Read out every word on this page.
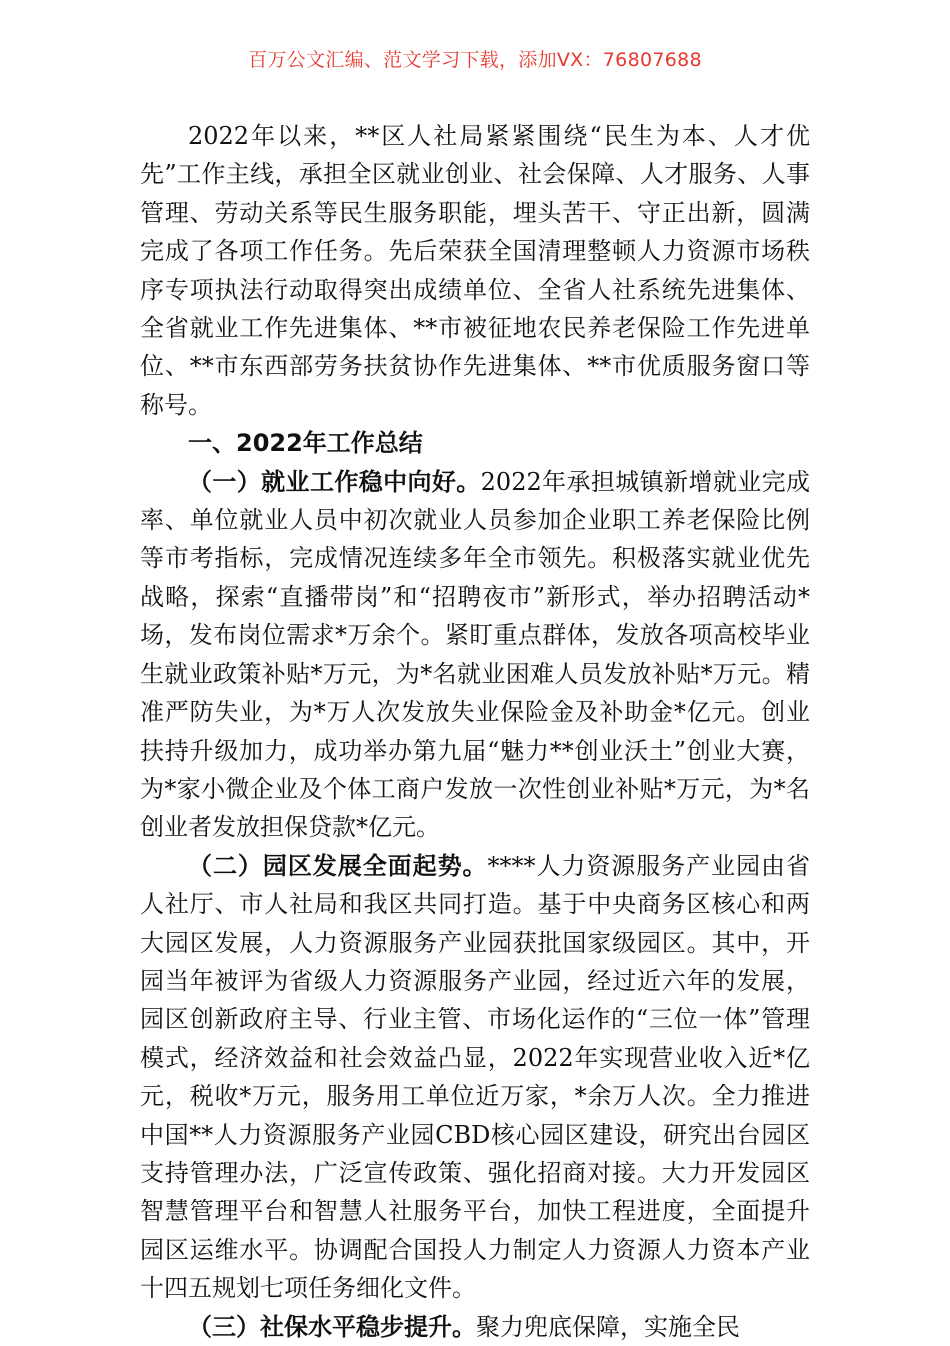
百万公文汇编、范文学习下载，添加VX：76807688

2022年以来，**区人社局紧紧围绕“民生为本、人才优先”工作主线，承担全区就业创业、社会保障、人才服务、人事管理、劳动关系等民生服务职能，埋头苦干、守正出新，圆满完成了各项工作任务。先后荣获全国清理整顿人力资源市场秩序专项执法行动取得突出成绩单位、全省人社系统先进集体、全省就业工作先进集体、**市被征地农民养老保险工作先进单位、**市东西部劳务扶贫协作先进集体、**市优质服务窗口等称号。

一、2022年工作总结

（一）就业工作稳中向好。2022年承担城镇新增就业完成率、单位就业人员中初次就业人员参加企业职工养老保险比例等市考指标，完成情况连续多年全市领先。积极落实就业优先战略，探索“直播带岗”和“招聘夜市”新形式，举办招聘活动*场，发布岗位需求*万余个。紧盯重点群体，发放各项高校毕业生就业政策补贴*万元，为*名就业困难人员发放补贴*万元。精准严防失业，为*万人次发放失业保险金及补助金*亿元。创业扶持升级加力，成功举办第九届“魅力**创业沃土”创业大赛，为*家小微企业及个体工商户发放一次性创业补贴*万元，为*名创业者发放担保贷款*亿元。

（二）园区发展全面起势。****人力资源服务产业园由省人社厅、市人社局和我区共同打造。基于中央商务区核心和两大园区发展，人力资源服务产业园获批国家级园区。其中，开园当年被评为省级人力资源服务产业园，经过近六年的发展，园区创新政府主导、行业主管、市场化运作的“三位一体”管理模式，经济效益和社会效益凸显，2022年实现营业收入近*亿元，税收*万元，服务用工单位近万家，*余万人次。全力推进中国**人力资源服务产业园CBD核心园区建设，研究出台园区支持管理办法，广泛宣传政策、强化招商对接。大力开发园区智慧管理平台和智慧人社服务平台，加快工程进度，全面提升园区运维水平。协调配合国投人力制定人力资源人力资本产业十四五规划七项任务细化文件。

（三）社保水平稳步提升。聚力兜底保障，实施全民
